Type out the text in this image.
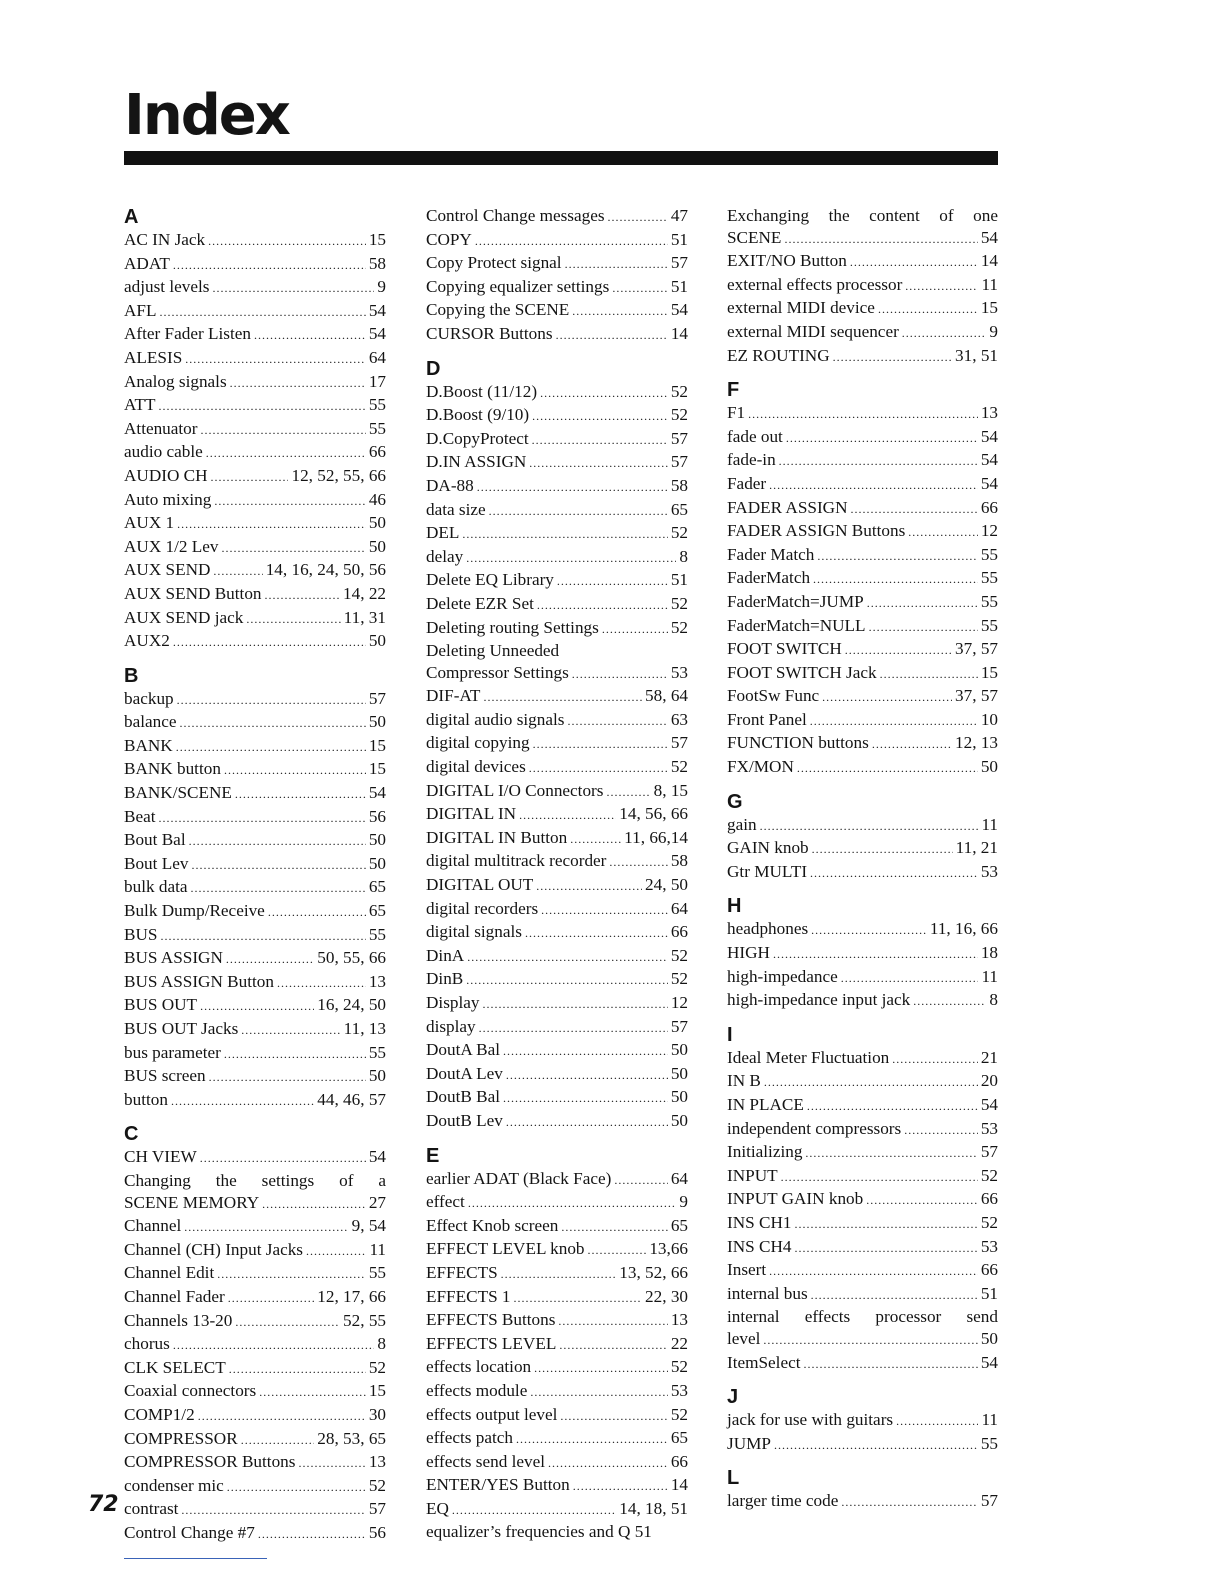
Index
A
AC IN Jack .....	15
ADAT .....	58
adjust levels .....	9
AFL .....	54
After Fader Listen .....	54
ALESIS .....	64
Analog signals .....	17
ATT .....	55
Attenuator .....	55
audio cable .....	66
AUDIO CH .....	12, 52, 55, 66
Auto mixing .....	46
AUX 1 .....	50
AUX 1/2 Lev .....	50
AUX SEND .....	14, 16, 24, 50, 56
AUX SEND Button .....	14, 22
AUX SEND jack .....	11, 31
AUX2 .....	50
B
backup .....	57
balance .....	50
BANK .....	15
BANK button .....	15
BANK/SCENE .....	54
Beat .....	56
Bout Bal .....	50
Bout Lev .....	50
bulk data .....	65
Bulk Dump/Receive .....	65
BUS .....	55
BUS ASSIGN .....	50, 55, 66
BUS ASSIGN Button .....	13
BUS OUT .....	16, 24, 50
BUS OUT Jacks .....	11, 13
bus parameter .....	55
BUS screen .....	50
button .....	44, 46, 57
C
CH VIEW .....	54
Changing the settings of a
SCENE MEMORY .....	27
Channel .....	9, 54
Channel (CH) Input Jacks .....	11
Channel Edit .....	55
Channel Fader .....	12, 17, 66
Channels 13-20 .....	52, 55
chorus .....	8
CLK SELECT .....	52
Coaxial connectors .....	15
COMP1/2 .....	30
COMPRESSOR .....	28, 53, 65
COMPRESSOR Buttons .....	13
condenser mic .....	52
contrast .....	57
Control Change #7 .....	56
Control Change messages .....	47
COPY .....	51
Copy Protect signal .....	57
Copying equalizer settings .....	51
Copying the SCENE .....	54
CURSOR Buttons .....	14
D
D.Boost (11/12) .....	52
D.Boost (9/10) .....	52
D.CopyProtect .....	57
D.IN ASSIGN .....	57
DA-88 .....	58
data size .....	65
DEL .....	52
delay .....	8
Delete EQ Library .....	51
Delete EZR Set .....	52
Deleting routing Settings .....	52
Deleting Unneeded
Compressor Settings .....	53
DIF-AT .....	58, 64
digital audio signals .....	63
digital copying .....	57
digital devices .....	52
DIGITAL I/O Connectors .....	8, 15
DIGITAL IN .....	14, 56, 66
DIGITAL IN Button .....	11, 66,14
digital multitrack recorder .....	58
DIGITAL OUT .....	24, 50
digital recorders .....	64
digital signals .....	66
DinA .....	52
DinB .....	52
Display .....	12
display .....	57
DoutA Bal .....	50
DoutA Lev .....	50
DoutB Bal .....	50
DoutB Lev .....	50
E
earlier ADAT (Black Face) .....	64
effect .....	9
Effect Knob screen .....	65
EFFECT LEVEL knob .....	13,66
EFFECTS .....	13, 52, 66
EFFECTS 1 .....	22, 30
EFFECTS Buttons .....	13
EFFECTS LEVEL .....	22
effects location .....	52
effects module .....	53
effects output level .....	52
effects patch .....	65
effects send level .....	66
ENTER/YES Button .....	14
EQ .....	14, 18, 51
equalizer’s frequencies and Q 51
Exchanging the content of one
SCENE .....	54
EXIT/NO Button .....	14
external effects processor .....	11
external MIDI device .....	15
external MIDI sequencer .....	9
EZ ROUTING .....	31, 51
F
F1 .....	13
fade out .....	54
fade-in .....	54
Fader .....	54
FADER ASSIGN .....	66
FADER ASSIGN Buttons .....	12
Fader Match .....	55
FaderMatch .....	55
FaderMatch=JUMP .....	55
FaderMatch=NULL .....	55
FOOT SWITCH .....	37, 57
FOOT SWITCH Jack .....	15
FootSw Func .....	37, 57
Front Panel .....	10
FUNCTION buttons .....	12, 13
FX/MON .....	50
G
gain .....	11
GAIN knob .....	11, 21
Gtr MULTI .....	53
H
headphones .....	11, 16, 66
HIGH .....	18
high-impedance .....	11
high-impedance input jack .....	8
I
Ideal Meter Fluctuation .....	21
IN B .....	20
IN PLACE .....	54
independent compressors .....	53
Initializing .....	57
INPUT .....	52
INPUT GAIN knob .....	66
INS CH1 .....	52
INS CH4 .....	53
Insert .....	66
internal bus .....	51
internal effects processor send
level .....	50
ItemSelect .....	54
J
jack for use with guitars .....	11
JUMP .....	55
L
larger time code .....	57
72
